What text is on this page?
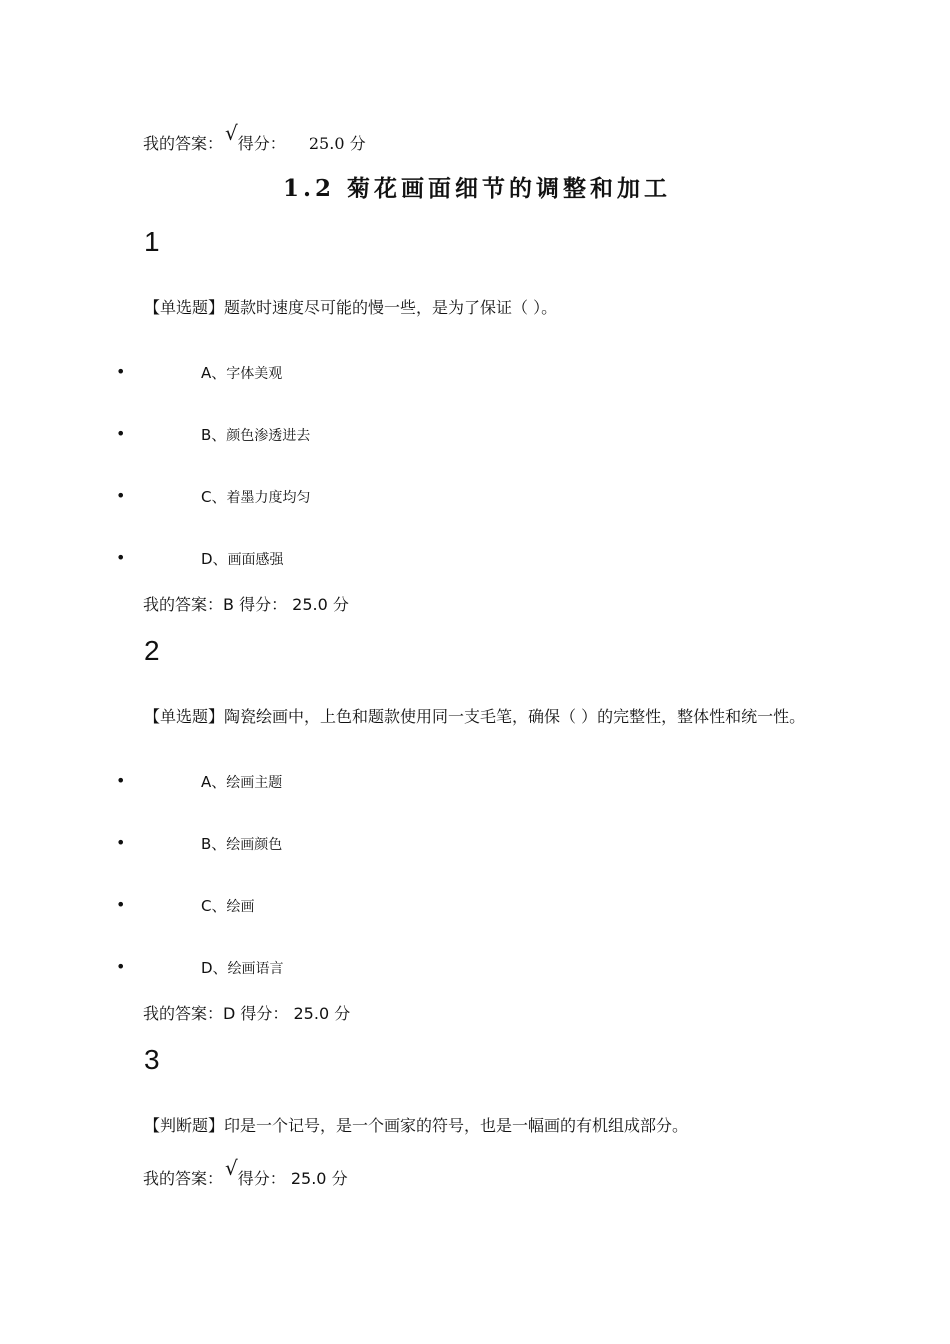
我的答案： √得分： 25.0 分
1.2 菊花画面细节的调整和加工
1
【单选题】题款时速度尽可能的慢一些，是为了保证（ ）。
•	A、字体美观
•	B、颜色渗透进去
•	C、着墨力度均匀
•	D、画面感强
我的答案：B 得分： 25.0 分
2
【单选题】陶瓷绘画中，上色和题款使用同一支毛笔，确保（ ）的完整性，整体性和统一性。
•	A、绘画主题
•	B、绘画颜色
•	C、绘画
•	D、绘画语言
我的答案：D 得分： 25.0 分
3
【判断题】印是一个记号，是一个画家的符号，也是一幅画的有机组成部分。
我的答案： √得分： 25.0 分
